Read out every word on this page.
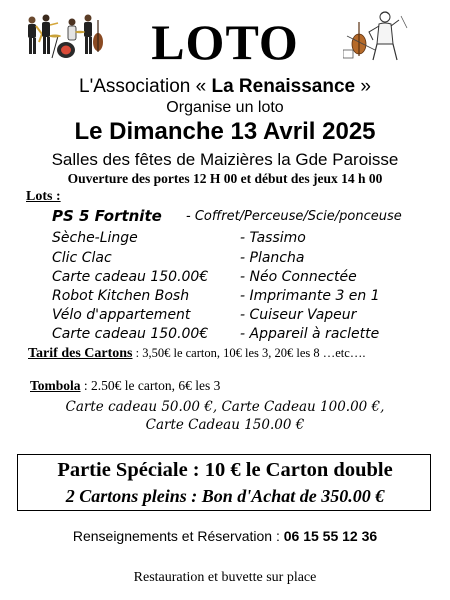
LOTO
L'Association « La Renaissance »
Organise un loto
Le Dimanche 13 Avril 2025
Salles des fêtes de Maizières la Gde Paroisse
Ouverture des portes 12 H 00 et début des jeux 14 h 00
Lots :
PS 5 Fortnite - Coffret/Perceuse/Scie/ponceuse
Sèche-Linge	- Tassimo
Clic Clac	- Plancha
Carte cadeau 150.00€ - Néo Connectée
Robot Kitchen Bosh	- Imprimante 3 en 1
Vélo d'appartement	- Cuiseur Vapeur
Carte cadeau 150.00€ - Appareil à raclette
Tarif des Cartons : 3,50€ le carton, 10€ les 3, 20€ les 8 …etc….
Tombola : 2.50€ le carton, 6€ les 3
Carte cadeau 50.00 €, Carte Cadeau 100.00 €,
Carte Cadeau 150.00 €
Partie Spéciale : 10 € le Carton double
2 Cartons pleins : Bon d'Achat de 350.00 €
Renseignements et Réservation : 06 15 55 12 36
Restauration et buvette sur place
